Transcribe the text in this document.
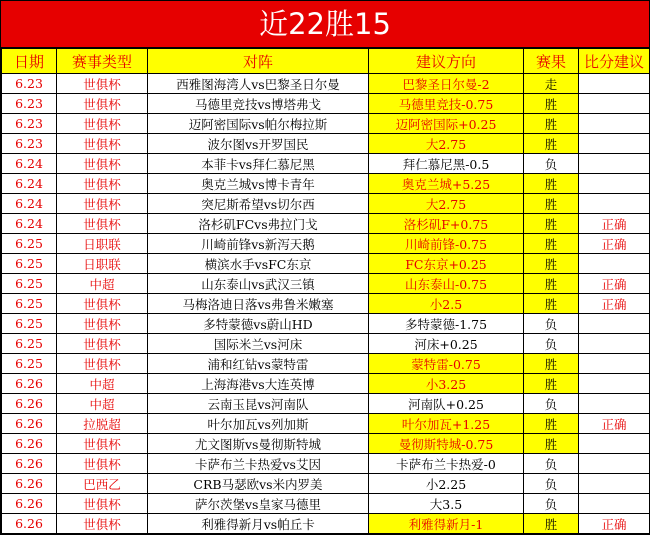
近22胜15
日期	赛事类型	对阵	建议方向	赛果	比分建议
6.23	世俱杯	西雅图海湾人vs巴黎圣日尔曼	巴黎圣日尔曼-2	走	
6.23	世俱杯	马德里竞技vs博塔弗戈	马德里竞技-0.75	胜	
6.23	世俱杯	迈阿密国际vs帕尔梅拉斯	迈阿密国际+0.25	胜	
6.23	世俱杯	波尔图vs开罗国民	大2.75	胜	
6.24	世俱杯	本菲卡vs拜仁慕尼黑	拜仁慕尼黑-0.5	负	
6.24	世俱杯	奥克兰城vs博卡青年	奥克兰城+5.25	胜	
6.24	世俱杯	突尼斯希望vs切尔西	大2.75	胜	
6.24	世俱杯	洛杉矶FCvs弗拉门戈	洛杉矶F+0.75	胜	正确
6.25	日职联	川崎前锋vs新泻天鹅	川崎前锋-0.75	胜	正确
6.25	日职联	横滨水手vsFC东京	FC东京+0.25	胜	
6.25	中超	山东泰山vs武汉三镇	山东泰山-0.75	胜	正确
6.25	世俱杯	马梅洛迪日落vs弗鲁米嫩塞	小2.5	胜	正确
6.25	世俱杯	多特蒙德vs蔚山HD	多特蒙德-1.75	负	
6.25	世俱杯	国际米兰vs河床	河床+0.25	负	
6.25	世俱杯	浦和红钻vs蒙特雷	蒙特雷-0.75	胜	
6.26	中超	上海海港vs大连英博	小3.25	胜	
6.26	中超	云南玉昆vs河南队	河南队+0.25	负	
6.26	拉脱超	叶尔加瓦vs列加斯	叶尔加瓦+1.25	胜	正确
6.26	世俱杯	尤文图斯vs曼彻斯特城	曼彻斯特城-0.75	胜	
6.26	世俱杯	卡萨布兰卡热爱vs艾因	卡萨布兰卡热爱-0	负	
6.26	巴西乙	CRB马瑟欧vs米内罗美	小2.25	负	
6.26	世俱杯	萨尔茨堡vs皇家马德里	大3.5	负	
6.26	世俱杯	利雅得新月vs帕丘卡	利雅得新月-1	胜	正确
